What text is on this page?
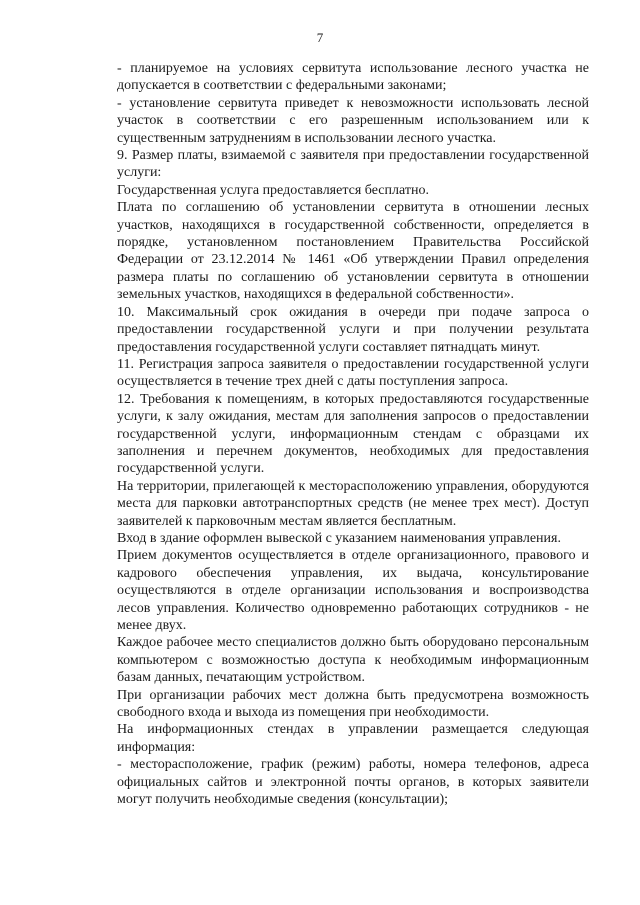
7

- планируемое на условиях сервитута использование лесного участка не допускается в соответствии с федеральными законами;

- установление сервитута приведет к невозможности использовать лесной участок в соответствии с его разрешенным использованием или к существенным затруднениям в использовании лесного участка.

9. Размер платы, взимаемой с заявителя при предоставлении государственной услуги:

Государственная услуга предоставляется бесплатно.

Плата по соглашению об установлении сервитута в отношении лесных участков, находящихся в государственной собственности, определяется в порядке, установленном постановлением Правительства Российской Федерации от 23.12.2014 № 1461 «Об утверждении Правил определения размера платы по соглашению об установлении сервитута в отношении земельных участков, находящихся в федеральной собственности».

10. Максимальный срок ожидания в очереди при подаче запроса о предоставлении государственной услуги и при получении результата предоставления государственной услуги составляет пятнадцать минут.

11. Регистрация запроса заявителя о предоставлении государственной услуги осуществляется в течение трех дней с даты поступления запроса.

12. Требования к помещениям, в которых предоставляются государственные услуги, к залу ожидания, местам для заполнения запросов о предоставлении государственной услуги, информационным стендам с образцами их заполнения и перечнем документов, необходимых для предоставления государственной услуги.

На территории, прилегающей к месторасположению управления, оборудуются места для парковки автотранспортных средств (не менее трех мест). Доступ заявителей к парковочным местам является бесплатным.

Вход в здание оформлен вывеской с указанием наименования управления.

Прием документов осуществляется в отделе организационного, правового и кадрового обеспечения управления, их выдача, консультирование осуществляются в отделе организации использования и воспроизводства лесов управления. Количество одновременно работающих сотрудников - не менее двух.

Каждое рабочее место специалистов должно быть оборудовано персональным компьютером с возможностью доступа к необходимым информационным базам данных, печатающим устройством.

При организации рабочих мест должна быть предусмотрена возможность свободного входа и выхода из помещения при необходимости.

На информационных стендах в управлении размещается следующая информация:

- месторасположение, график (режим) работы, номера телефонов, адреса официальных сайтов и электронной почты органов, в которых заявители могут получить необходимые сведения (консультации);
